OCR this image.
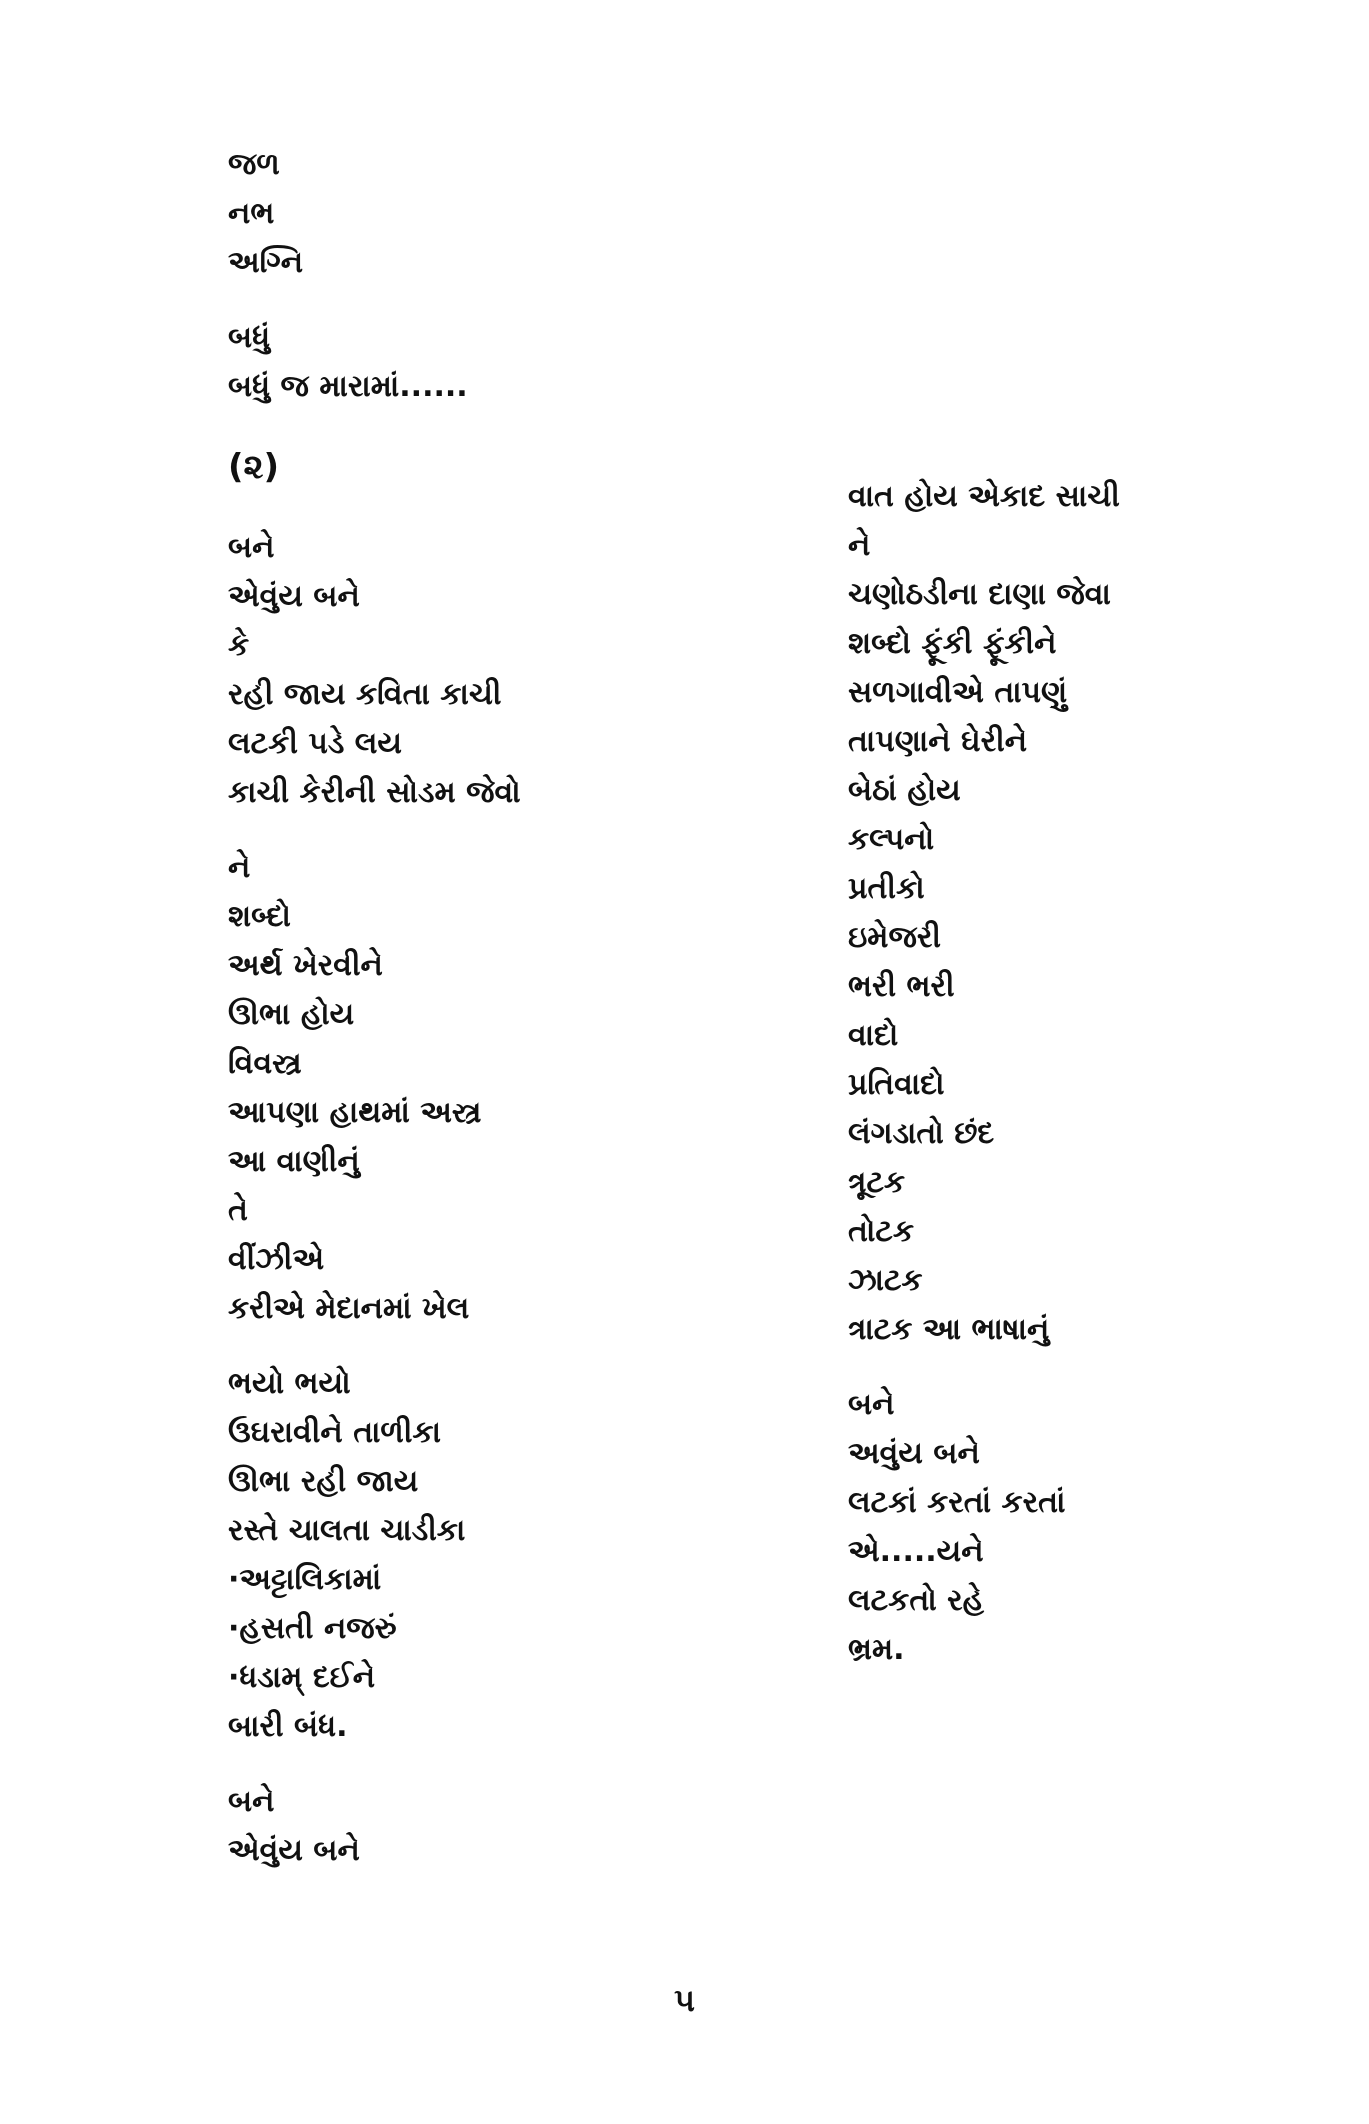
જળ
નભ
અગ્નિ
બધું
બધું જ મારામાં......
(૨)
બને
એવુંય બને
કે
રહી જાય કવિતા કાચી
લટકી પડે લય
કાચી કેરીની સોડમ જેવો
ને
શબ્દો
અર્થ ખેરવીને
ઊભા હોય
વિવસ્ત્ર
આપણા હાથમાં અસ્ત્ર
આ વાણીનું
તે
વીંઝીએ
કરીએ મેદાનમાં ખેલ
ભયો ભયો
ઉઘરાવીને તાળીકા
ઊભા રહી જાય
રસ્તે ચાલતા ચાડીકા
·અટ્ટાલિકામાં
·હસતી નજરું
·ધડામ્ દઈને
બારી બંધ.
બને
એવુંય બને
વાત હોય એકાદ સાચી
ને
ચણોઠડીના દાણા જેવા
શબ્દો ફૂંકી ફૂંકીને
સળગાવીએ તાપણું
તાપણાને ઘેરીને
બેઠાં હોય
કલ્પનો
પ્રતીકો
ઇમેજરી
ભરી ભરી
વાદો
પ્રતિવાદો
લંગડાતો છંદ
ત્રૂટક
તોટક
ઝાટક
ત્રાટક આ ભાષાનું
બને
અવુંય બને
લટકાં કરતાં કરતાં
એ.....યને
લટકતો રહે
ભ્રમ.
૫
